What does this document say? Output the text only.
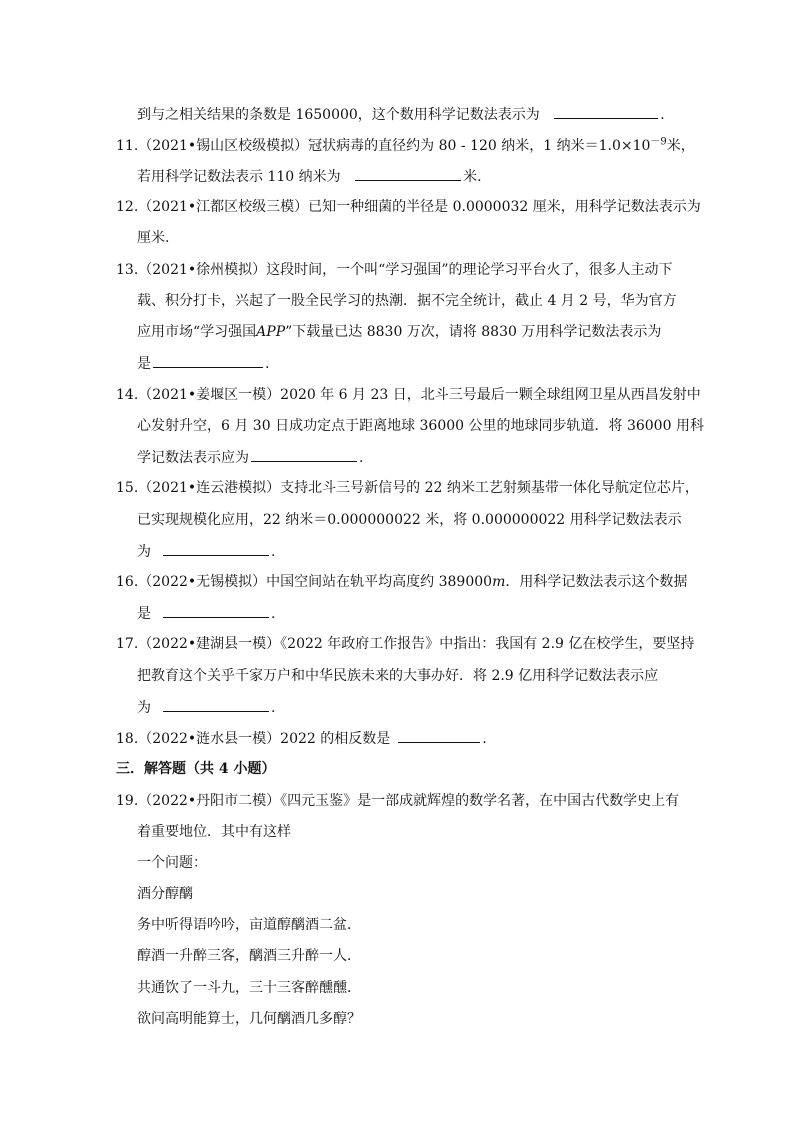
到与之相关结果的条数是 1650000，这个数用科学记数法表示为	.
11.（2021•锡山区校级模拟）冠状病毒的直径约为 80 - 120 纳米，1 纳米$=1.0\times 10^{-9}$米，
若用科学记数法表示 110 纳米为	米.
12.（2021•江都区校级三模）已知一种细菌的半径是 0.0000032 厘米，用科学记数法表示为
厘米.
13.（2021•徐州模拟）这段时间，一个叫“学习强国”的理论学习平台火了，很多人主动下
载、积分打卡，兴起了一股全民学习的热潮．据不完全统计，截止 4 月 2 号，华为官方
应用市场“学习强国APP”下载量已达 8830 万次，请将 8830 万用科学记数法表示为
是	.
14.（2021•姜堰区一模）2020 年 6 月 23 日，北斗三号最后一颗全球组网卫星从西昌发射中
心发射升空，6 月 30 日成功定点于距离地球 36000 公里的地球同步轨道．将 36000 用科
学记数法表示应为	.
15.（2021•连云港模拟）支持北斗三号新信号的 22 纳米工艺射频基带一体化导航定位芯片，
已实现规模化应用，22 纳米＝0.000000022 米，将 0.000000022 用科学记数法表示
为	.
16.（2022•无锡模拟）中国空间站在轨平均高度约 389000m．用科学记数法表示这个数据
是	.
17.（2022•建湖县一模）《2022 年政府工作报告》中指出：我国有 2.9 亿在校学生，要坚持
把教育这个关乎千家万户和中华民族未来的大事办好．将 2.9 亿用科学记数法表示应
为	.
18.（2022•涟水县一模）2022 的相反数是	.
三．解答题（共 4 小题）
19.（2022•丹阳市二模）《四元玉鉴》是一部成就辉煌的数学名著，在中国古代数学史上有
着重要地位．其中有这样
一个问题：
酒分醇醨
务中听得语吟吟，亩道醇醨酒二盆．
醇酒一升醉三客，醨酒三升醉一人．
共通饮了一斗九，三十三客醉醺醺．
欲问高明能算士，几何醨酒几多醇？
